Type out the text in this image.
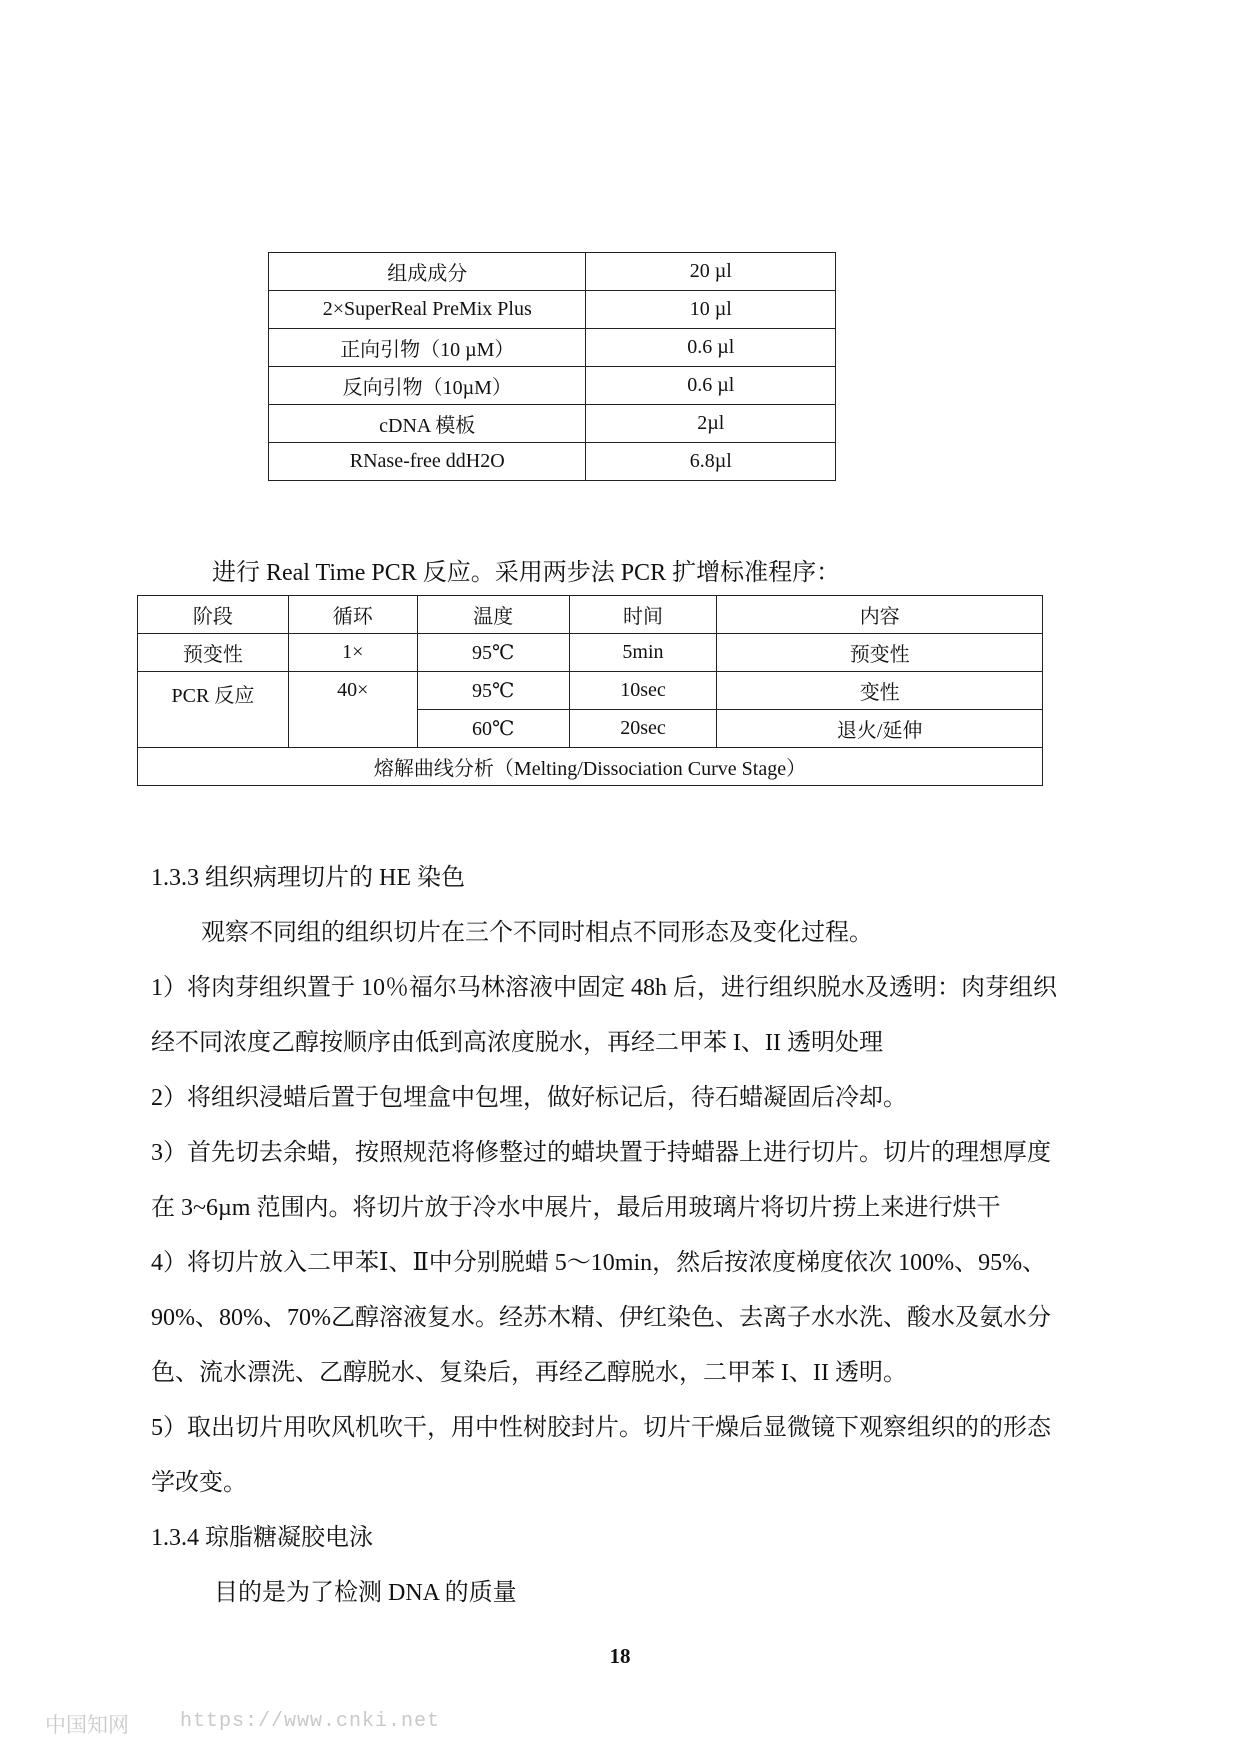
组成成分	20 µl
2×SuperReal PreMix Plus	10 µl
正向引物（10 µM）	0.6 µl
反向引物（10µM）	0.6 µl
cDNA 模板	2µl
RNase-free ddH2O	6.8µl
进行 Real Time PCR 反应。采用两步法 PCR 扩增标准程序：
阶段	循环	温度	时间	内容
预变性	1×	95℃	5min	预变性
PCR 反应	40×	95℃	10sec	变性
		60℃	20sec	退火/延伸
熔解曲线分析（Melting/Dissociation Curve Stage）				
1.3.3 组织病理切片的 HE 染色
观察不同组的组织切片在三个不同时相点不同形态及变化过程。
1）将肉芽组织置于 10％福尔马林溶液中固定 48h 后，进行组织脱水及透明：肉芽组织
经不同浓度乙醇按顺序由低到高浓度脱水，再经二甲苯 I、II 透明处理
2）将组织浸蜡后置于包埋盒中包埋，做好标记后，待石蜡凝固后冷却。
3）首先切去余蜡，按照规范将修整过的蜡块置于持蜡器上进行切片。切片的理想厚度
在 3~6µm 范围内。将切片放于冷水中展片，最后用玻璃片将切片捞上来进行烘干
4）将切片放入二甲苯Ⅰ、Ⅱ中分别脱蜡 5～10min，然后按浓度梯度依次 100%、95%、
90%、80%、70%乙醇溶液复水。经苏木精、伊红染色、去离子水水洗、酸水及氨水分
色、流水漂洗、乙醇脱水、复染后，再经乙醇脱水，二甲苯 I、II 透明。
5）取出切片用吹风机吹干，用中性树胶封片。切片干燥后显微镜下观察组织的的形态
学改变。
1.3.4 琼脂糖凝胶电泳
目的是为了检测 DNA 的质量
18
中国知网	https://www.cnki.net
